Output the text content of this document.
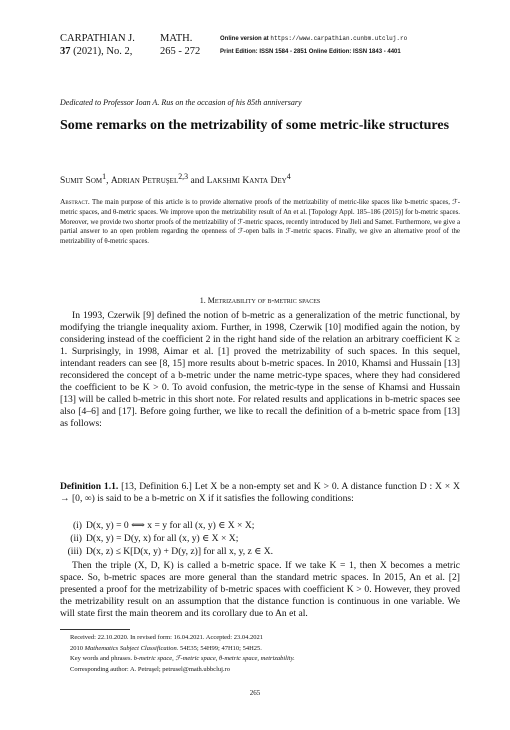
CARPATHIAN J.
37 (2021), No. 2,
MATH.
265 - 272
Online version at https://www.carpathian.cunbm.utcluj.ro
Print Edition: ISSN 1584 - 2851 Online Edition: ISSN 1843 - 4401
Dedicated to Professor Ioan A. Rus on the occasion of his 85th anniversary
Some remarks on the metrizability of some metric-like structures
Sumit Som$^1$, Adrian Petruşel$^{2,3}$ and Lakshmi Kanta Dey$^4$
Abstract. The main purpose of this article is to provide alternative proofs of the metrizability of metric-like spaces like b-metric spaces, ℱ-metric spaces, and θ-metric spaces. We improve upon the metrizability result of An et al. [Topology Appl. 185–186 (2015)] for b-metric spaces. Moreover, we provide two shorter proofs of the metrizability of ℱ-metric spaces, recently introduced by Jleli and Samet. Furthermore, we give a partial answer to an open problem regarding the openness of ℱ-open balls in ℱ-metric spaces. Finally, we give an alternative proof of the metrizability of θ-metric spaces.
1. Metrizability of b-metric spaces
In 1993, Czerwik [9] defined the notion of b-metric as a generalization of the metric functional, by modifying the triangle inequality axiom. Further, in 1998, Czerwik [10] modified again the notion, by considering instead of the coefficient 2 in the right hand side of the relation an arbitrary coefficient K ≥ 1. Surprisingly, in 1998, Aimar et al. [1] proved the metrizability of such spaces. In this sequel, intendant readers can see [8, 15] more results about b-metric spaces. In 2010, Khamsi and Hussain [13] reconsidered the concept of a b-metric under the name metric-type spaces, where they had considered the coefficient to be K > 0. To avoid confusion, the metric-type in the sense of Khamsi and Hussain [13] will be called b-metric in this short note. For related results and applications in b-metric spaces see also [4–6] and [17]. Before going further, we like to recall the definition of a b-metric space from [13] as follows:
Definition 1.1. [13, Definition 6.] Let X be a non-empty set and K > 0. A distance function D : X × X → [0, ∞) is said to be a b-metric on X if it satisfies the following conditions:
(i) D(x, y) = 0 ⟺ x = y for all (x, y) ∈ X × X;
(ii) D(x, y) = D(y, x) for all (x, y) ∈ X × X;
(iii) D(x, z) ≤ K[D(x, y) + D(y, z)] for all x, y, z ∈ X.
Then the triple (X, D, K) is called a b-metric space. If we take K = 1, then X becomes a metric space. So, b-metric spaces are more general than the standard metric spaces. In 2015, An et al. [2] presented a proof for the metrizability of b-metric spaces with coefficient K > 0. However, they proved the metrizability result on an assumption that the distance function is continuous in one variable. We will state first the main theorem and its corollary due to An et al.
Received: 22.10.2020. In revised form: 16.04.2021. Accepted: 23.04.2021
2010 Mathematics Subject Classification. 54E35; 54H99; 47H10; 54H25.
Key words and phrases. b-metric space, ℱ-metric space, θ-metric space, metrizability.
Corresponding author: A. Petruşel; petrusel@math.ubbcluj.ro
265
